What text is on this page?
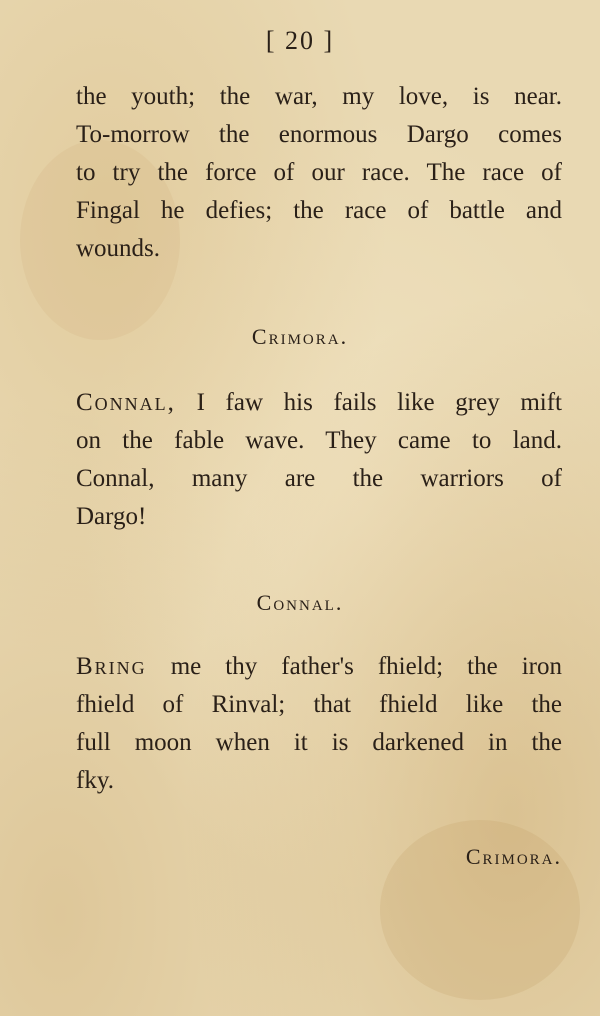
[ 20 ]
the youth; the war, my love, is near.
To-morrow the enormous Dargo comes
to try the force of our race. The race of
Fingal he defies; the race of battle and
wounds.
Crimora.
Connal, I faw his fails like grey mift
on the fable wave. They came to land.
Connal, many are the warriors of
Dargo!
Connal.
Bring me thy father's fhield; the iron
fhield of Rinval; that fhield like the
full moon when it is darkened in the
fky.
Crimora.
